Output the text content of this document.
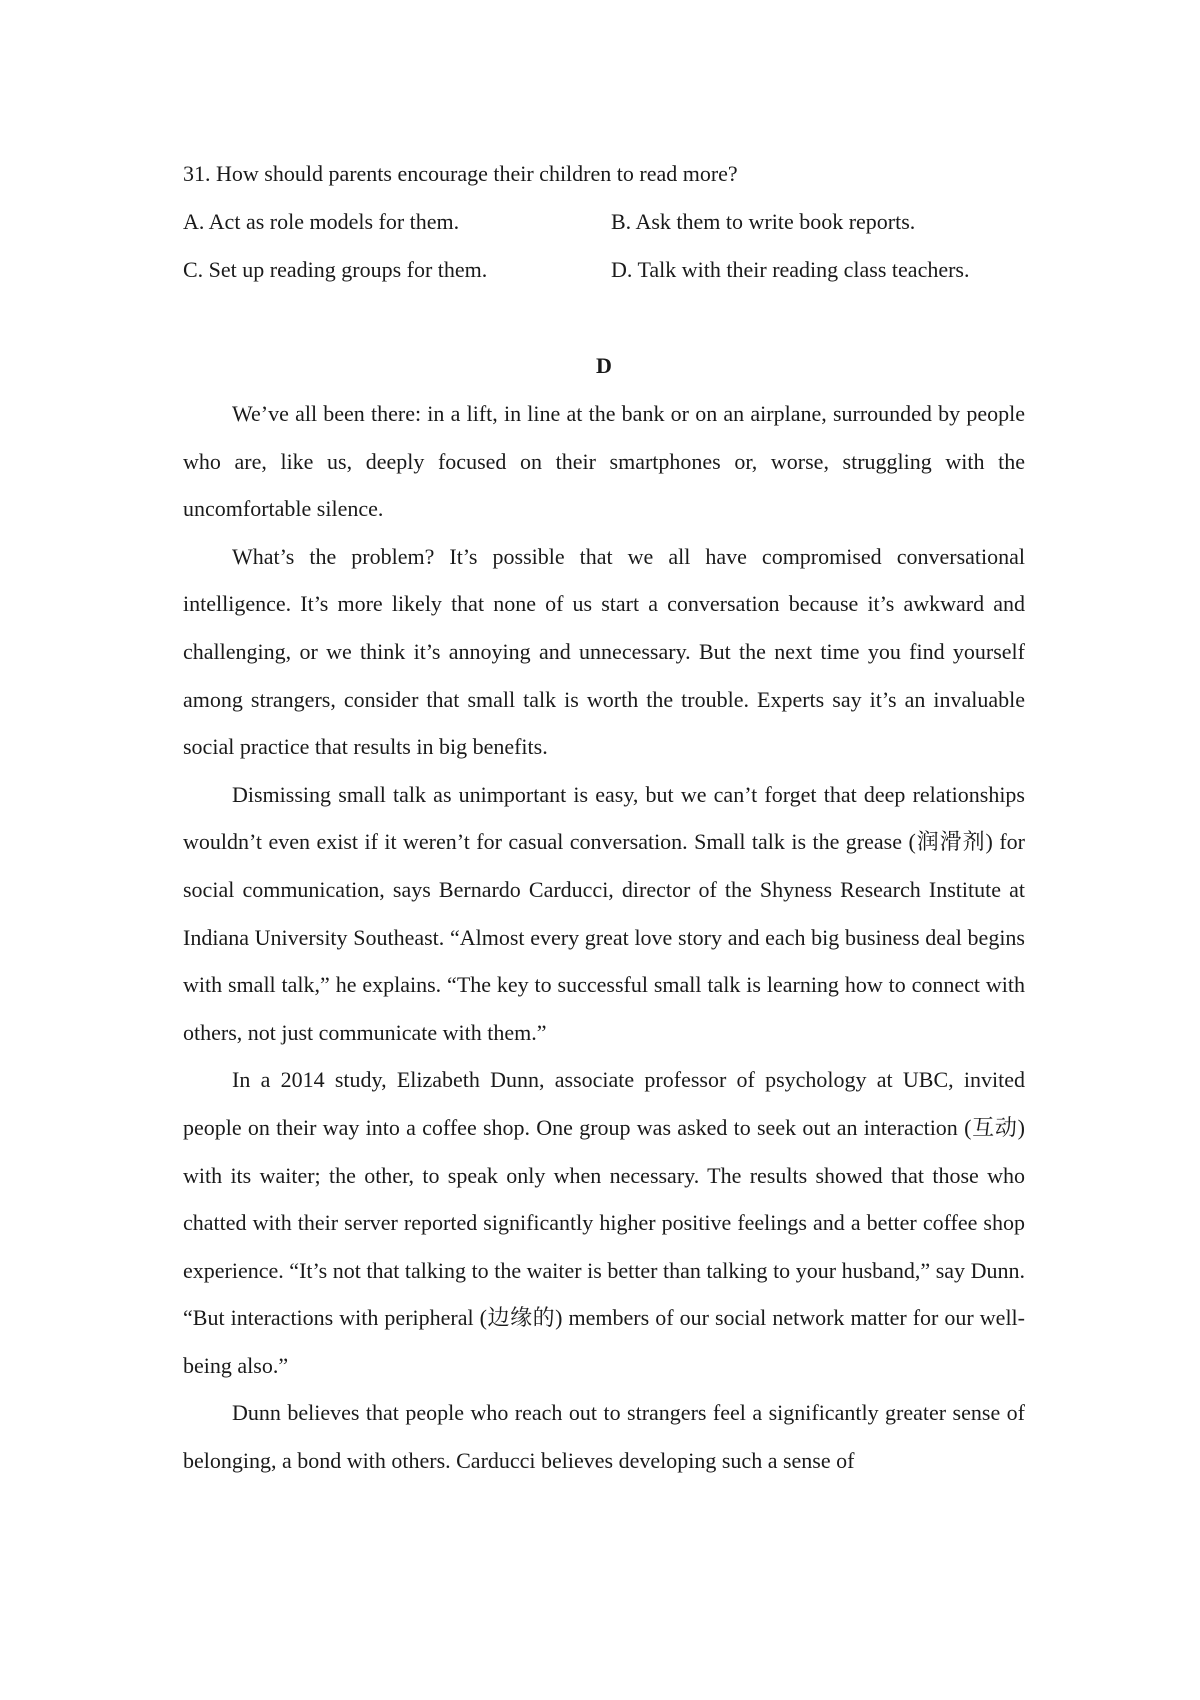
31. How should parents encourage their children to read more?

A. Act as role models for them.	B. Ask them to write book reports.
C. Set up reading groups for them.	D. Talk with their reading class teachers.
D

We’ve all been there: in a lift, in line at the bank or on an airplane, surrounded by people who are, like us, deeply focused on their smartphones or, worse, struggling with the uncomfortable silence.

What’s the problem? It’s possible that we all have compromised conversational intelligence. It’s more likely that none of us start a conversation because it’s awkward and challenging, or we think it’s annoying and unnecessary. But the next time you find yourself among strangers, consider that small talk is worth the trouble. Experts say it’s an invaluable social practice that results in big benefits.

Dismissing small talk as unimportant is easy, but we can’t forget that deep relationships wouldn’t even exist if it weren’t for casual conversation. Small talk is the grease (润滑剂) for social communication, says Bernardo Carducci, director of the Shyness Research Institute at Indiana University Southeast. “Almost every great love story and each big business deal begins with small talk,” he explains. “The key to successful small talk is learning how to connect with others, not just communicate with them.”

In a 2014 study, Elizabeth Dunn, associate professor of psychology at UBC, invited people on their way into a coffee shop. One group was asked to seek out an interaction (互动) with its waiter; the other, to speak only when necessary. The results showed that those who chatted with their server reported significantly higher positive feelings and a better coffee shop experience. “It’s not that talking to the waiter is better than talking to your husband,” say Dunn. “But interactions with peripheral (边缘的) members of our social network matter for our well-being also.”

Dunn believes that people who reach out to strangers feel a significantly greater sense of belonging, a bond with others. Carducci believes developing such a sense of
